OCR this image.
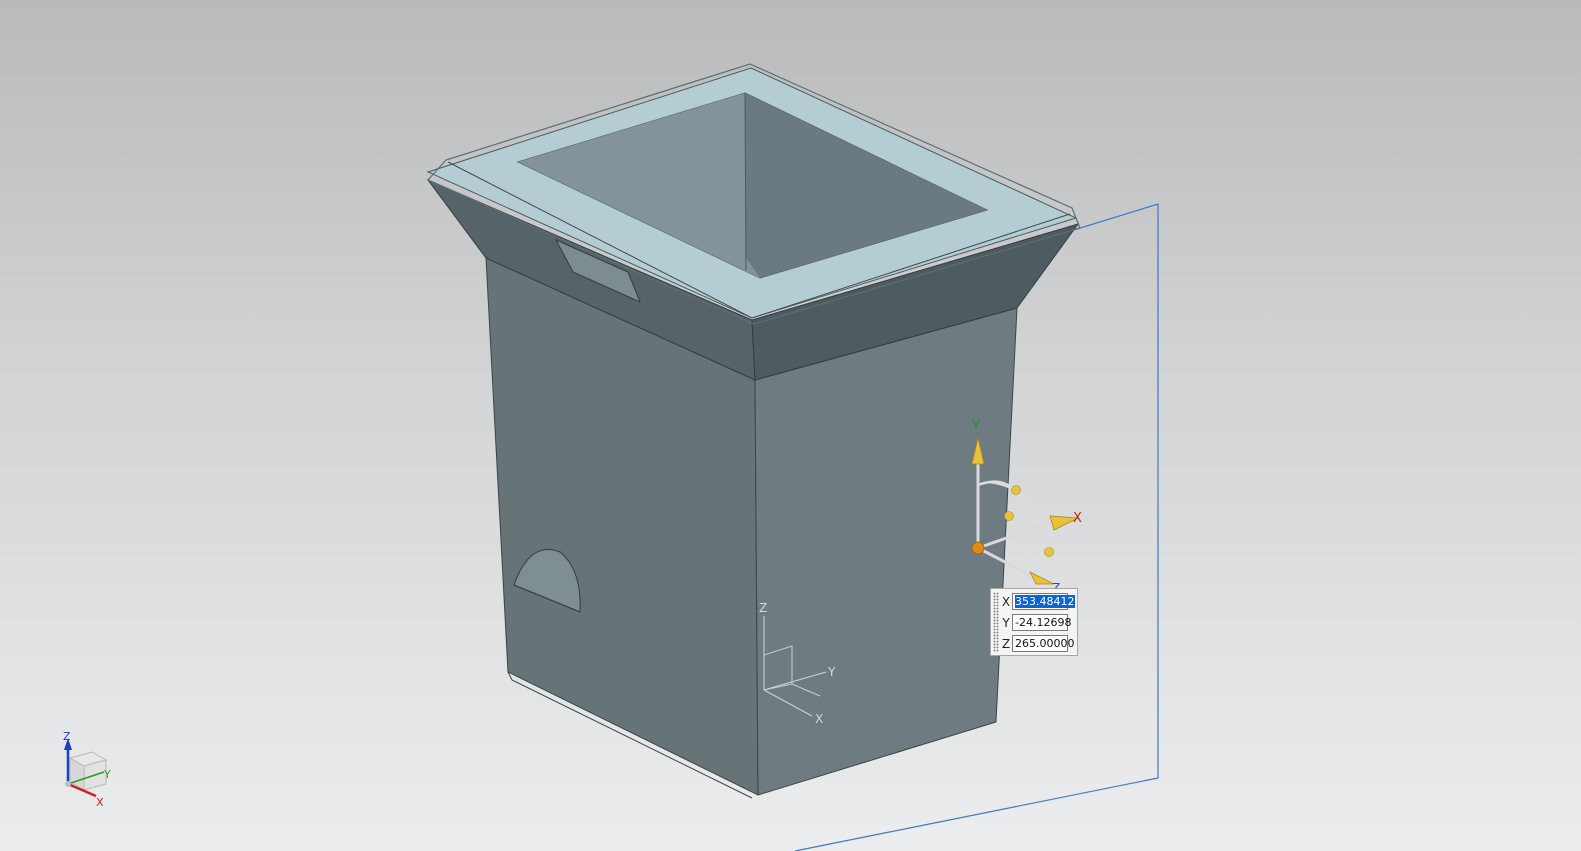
Z
Y
X
Y
X
Z
Y
X
X 353.48412
Y -24.12698
Z 265.00000
